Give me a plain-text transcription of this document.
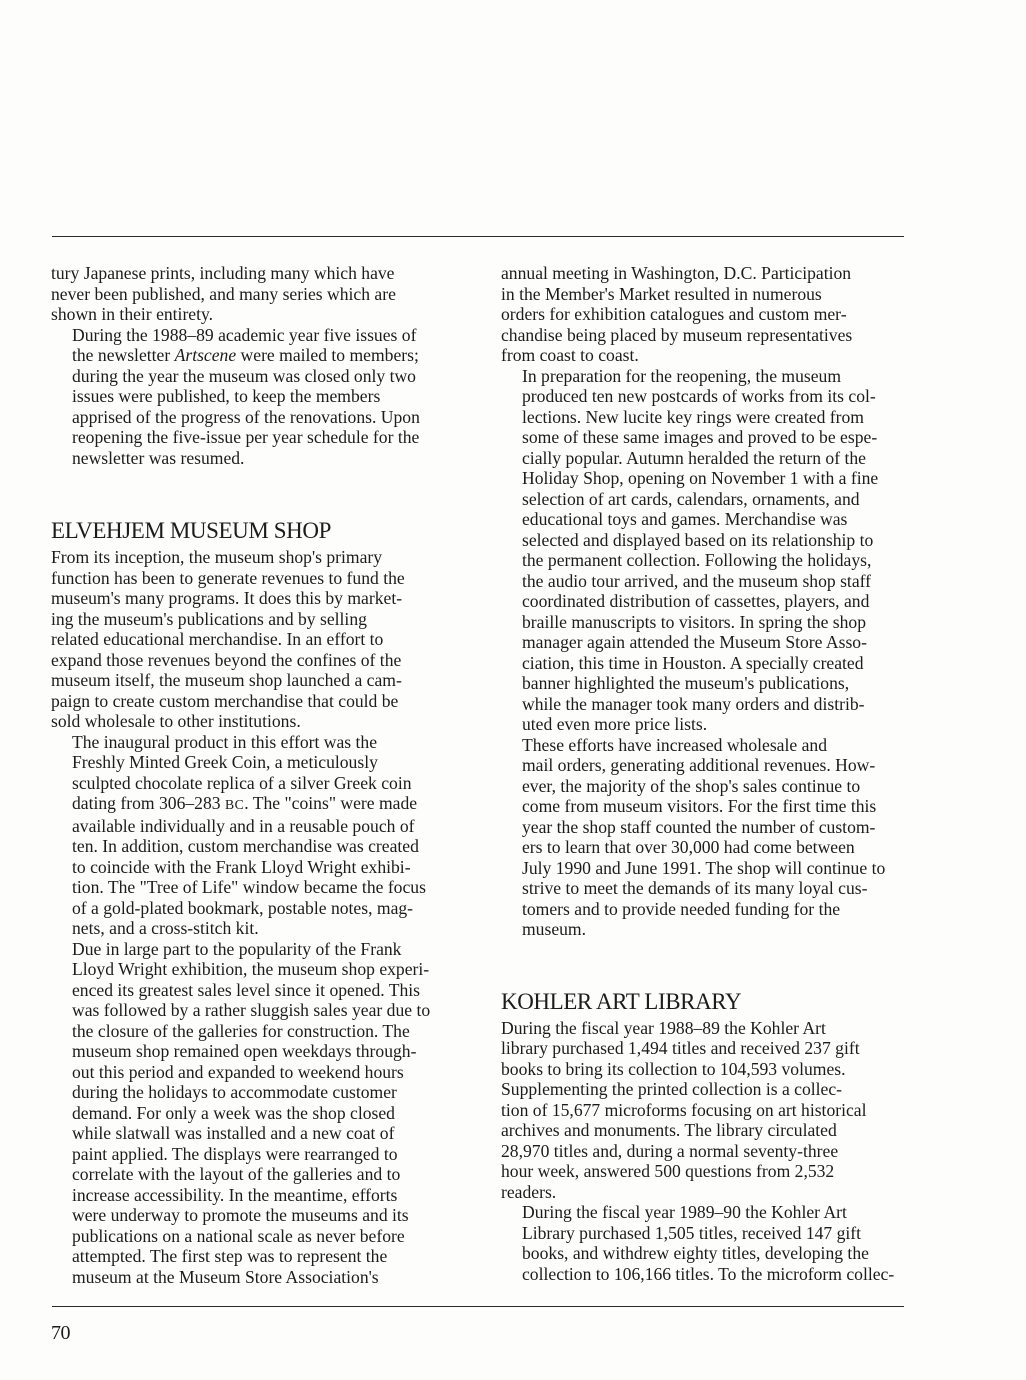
tury Japanese prints, including many which have
never been published, and many series which are
shown in their entirety.

During the 1988–89 academic year five issues of
the newsletter Artscene were mailed to members;
during the year the museum was closed only two
issues were published, to keep the members
apprised of the progress of the renovations. Upon
reopening the five-issue per year schedule for the
newsletter was resumed.

ELVEHJEM MUSEUM SHOP

From its inception, the museum shop's primary
function has been to generate revenues to fund the
museum's many programs. It does this by market-
ing the museum's publications and by selling
related educational merchandise. In an effort to
expand those revenues beyond the confines of the
museum itself, the museum shop launched a cam-
paign to create custom merchandise that could be
sold wholesale to other institutions.

The inaugural product in this effort was the
Freshly Minted Greek Coin, a meticulously
sculpted chocolate replica of a silver Greek coin
dating from 306–283 BC. The "coins" were made
available individually and in a reusable pouch of
ten. In addition, custom merchandise was created
to coincide with the Frank Lloyd Wright exhibi-
tion. The "Tree of Life" window became the focus
of a gold-plated bookmark, postable notes, mag-
nets, and a cross-stitch kit.

Due in large part to the popularity of the Frank
Lloyd Wright exhibition, the museum shop experi-
enced its greatest sales level since it opened. This
was followed by a rather sluggish sales year due to
the closure of the galleries for construction. The
museum shop remained open weekdays through-
out this period and expanded to weekend hours
during the holidays to accommodate customer
demand. For only a week was the shop closed
while slatwall was installed and a new coat of
paint applied. The displays were rearranged to
correlate with the layout of the galleries and to
increase accessibility. In the meantime, efforts
were underway to promote the museums and its
publications on a national scale as never before
attempted. The first step was to represent the
museum at the Museum Store Association's

annual meeting in Washington, D.C. Participation
in the Member's Market resulted in numerous
orders for exhibition catalogues and custom mer-
chandise being placed by museum representatives
from coast to coast.

In preparation for the reopening, the museum
produced ten new postcards of works from its col-
lections. New lucite key rings were created from
some of these same images and proved to be espe-
cially popular. Autumn heralded the return of the
Holiday Shop, opening on November 1 with a fine
selection of art cards, calendars, ornaments, and
educational toys and games. Merchandise was
selected and displayed based on its relationship to
the permanent collection. Following the holidays,
the audio tour arrived, and the museum shop staff
coordinated distribution of cassettes, players, and
braille manuscripts to visitors. In spring the shop
manager again attended the Museum Store Asso-
ciation, this time in Houston. A specially created
banner highlighted the museum's publications,
while the manager took many orders and distrib-
uted even more price lists.

These efforts have increased wholesale and
mail orders, generating additional revenues. How-
ever, the majority of the shop's sales continue to
come from museum visitors. For the first time this
year the shop staff counted the number of custom-
ers to learn that over 30,000 had come between
July 1990 and June 1991. The shop will continue to
strive to meet the demands of its many loyal cus-
tomers and to provide needed funding for the
museum.

KOHLER ART LIBRARY

During the fiscal year 1988–89 the Kohler Art
library purchased 1,494 titles and received 237 gift
books to bring its collection to 104,593 volumes.
Supplementing the printed collection is a collec-
tion of 15,677 microforms focusing on art historical
archives and monuments. The library circulated
28,970 titles and, during a normal seventy-three
hour week, answered 500 questions from 2,532
readers.

During the fiscal year 1989–90 the Kohler Art
Library purchased 1,505 titles, received 147 gift
books, and withdrew eighty titles, developing the
collection to 106,166 titles. To the microform collec-

70
